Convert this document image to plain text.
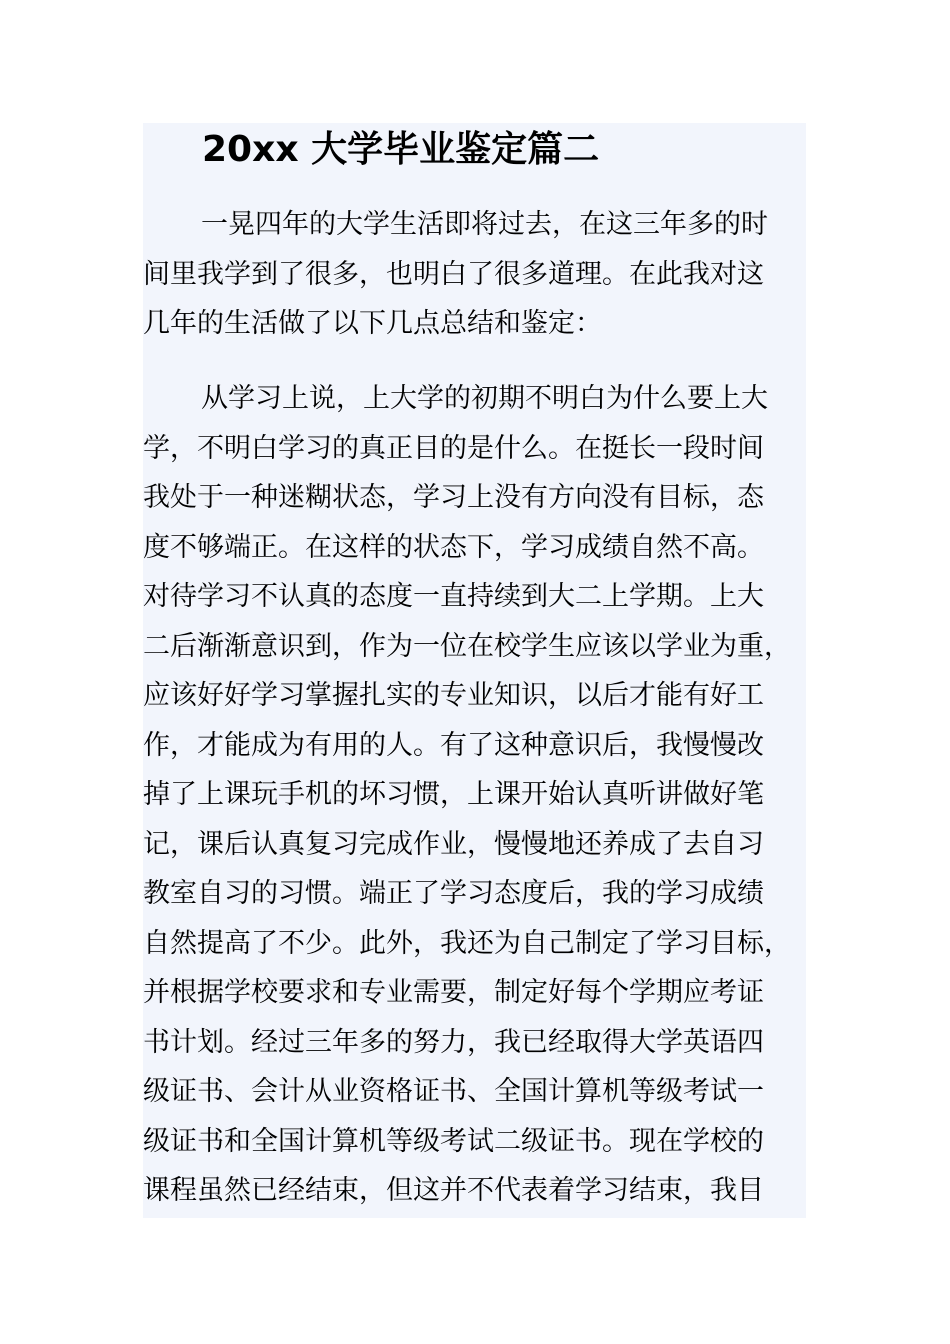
20xx 大学毕业鉴定篇二
一晃四年的大学生活即将过去，在这三年多的时
间里我学到了很多，也明白了很多道理。在此我对这
几年的生活做了以下几点总结和鉴定：
从学习上说，上大学的初期不明白为什么要上大
学，不明白学习的真正目的是什么。在挺长一段时间
我处于一种迷糊状态，学习上没有方向没有目标，态
度不够端正。在这样的状态下，学习成绩自然不高。
对待学习不认真的态度一直持续到大二上学期。上大
二后渐渐意识到，作为一位在校学生应该以学业为重，
应该好好学习掌握扎实的专业知识，以后才能有好工
作，才能成为有用的人。有了这种意识后，我慢慢改
掉了上课玩手机的坏习惯，上课开始认真听讲做好笔
记，课后认真复习完成作业，慢慢地还养成了去自习
教室自习的习惯。端正了学习态度后，我的学习成绩
自然提高了不少。此外，我还为自己制定了学习目标，
并根据学校要求和专业需要，制定好每个学期应考证
书计划。经过三年多的努力，我已经取得大学英语四
级证书、会计从业资格证书、全国计算机等级考试一
级证书和全国计算机等级考试二级证书。现在学校的
课程虽然已经结束，但这并不代表着学习结束，我目
